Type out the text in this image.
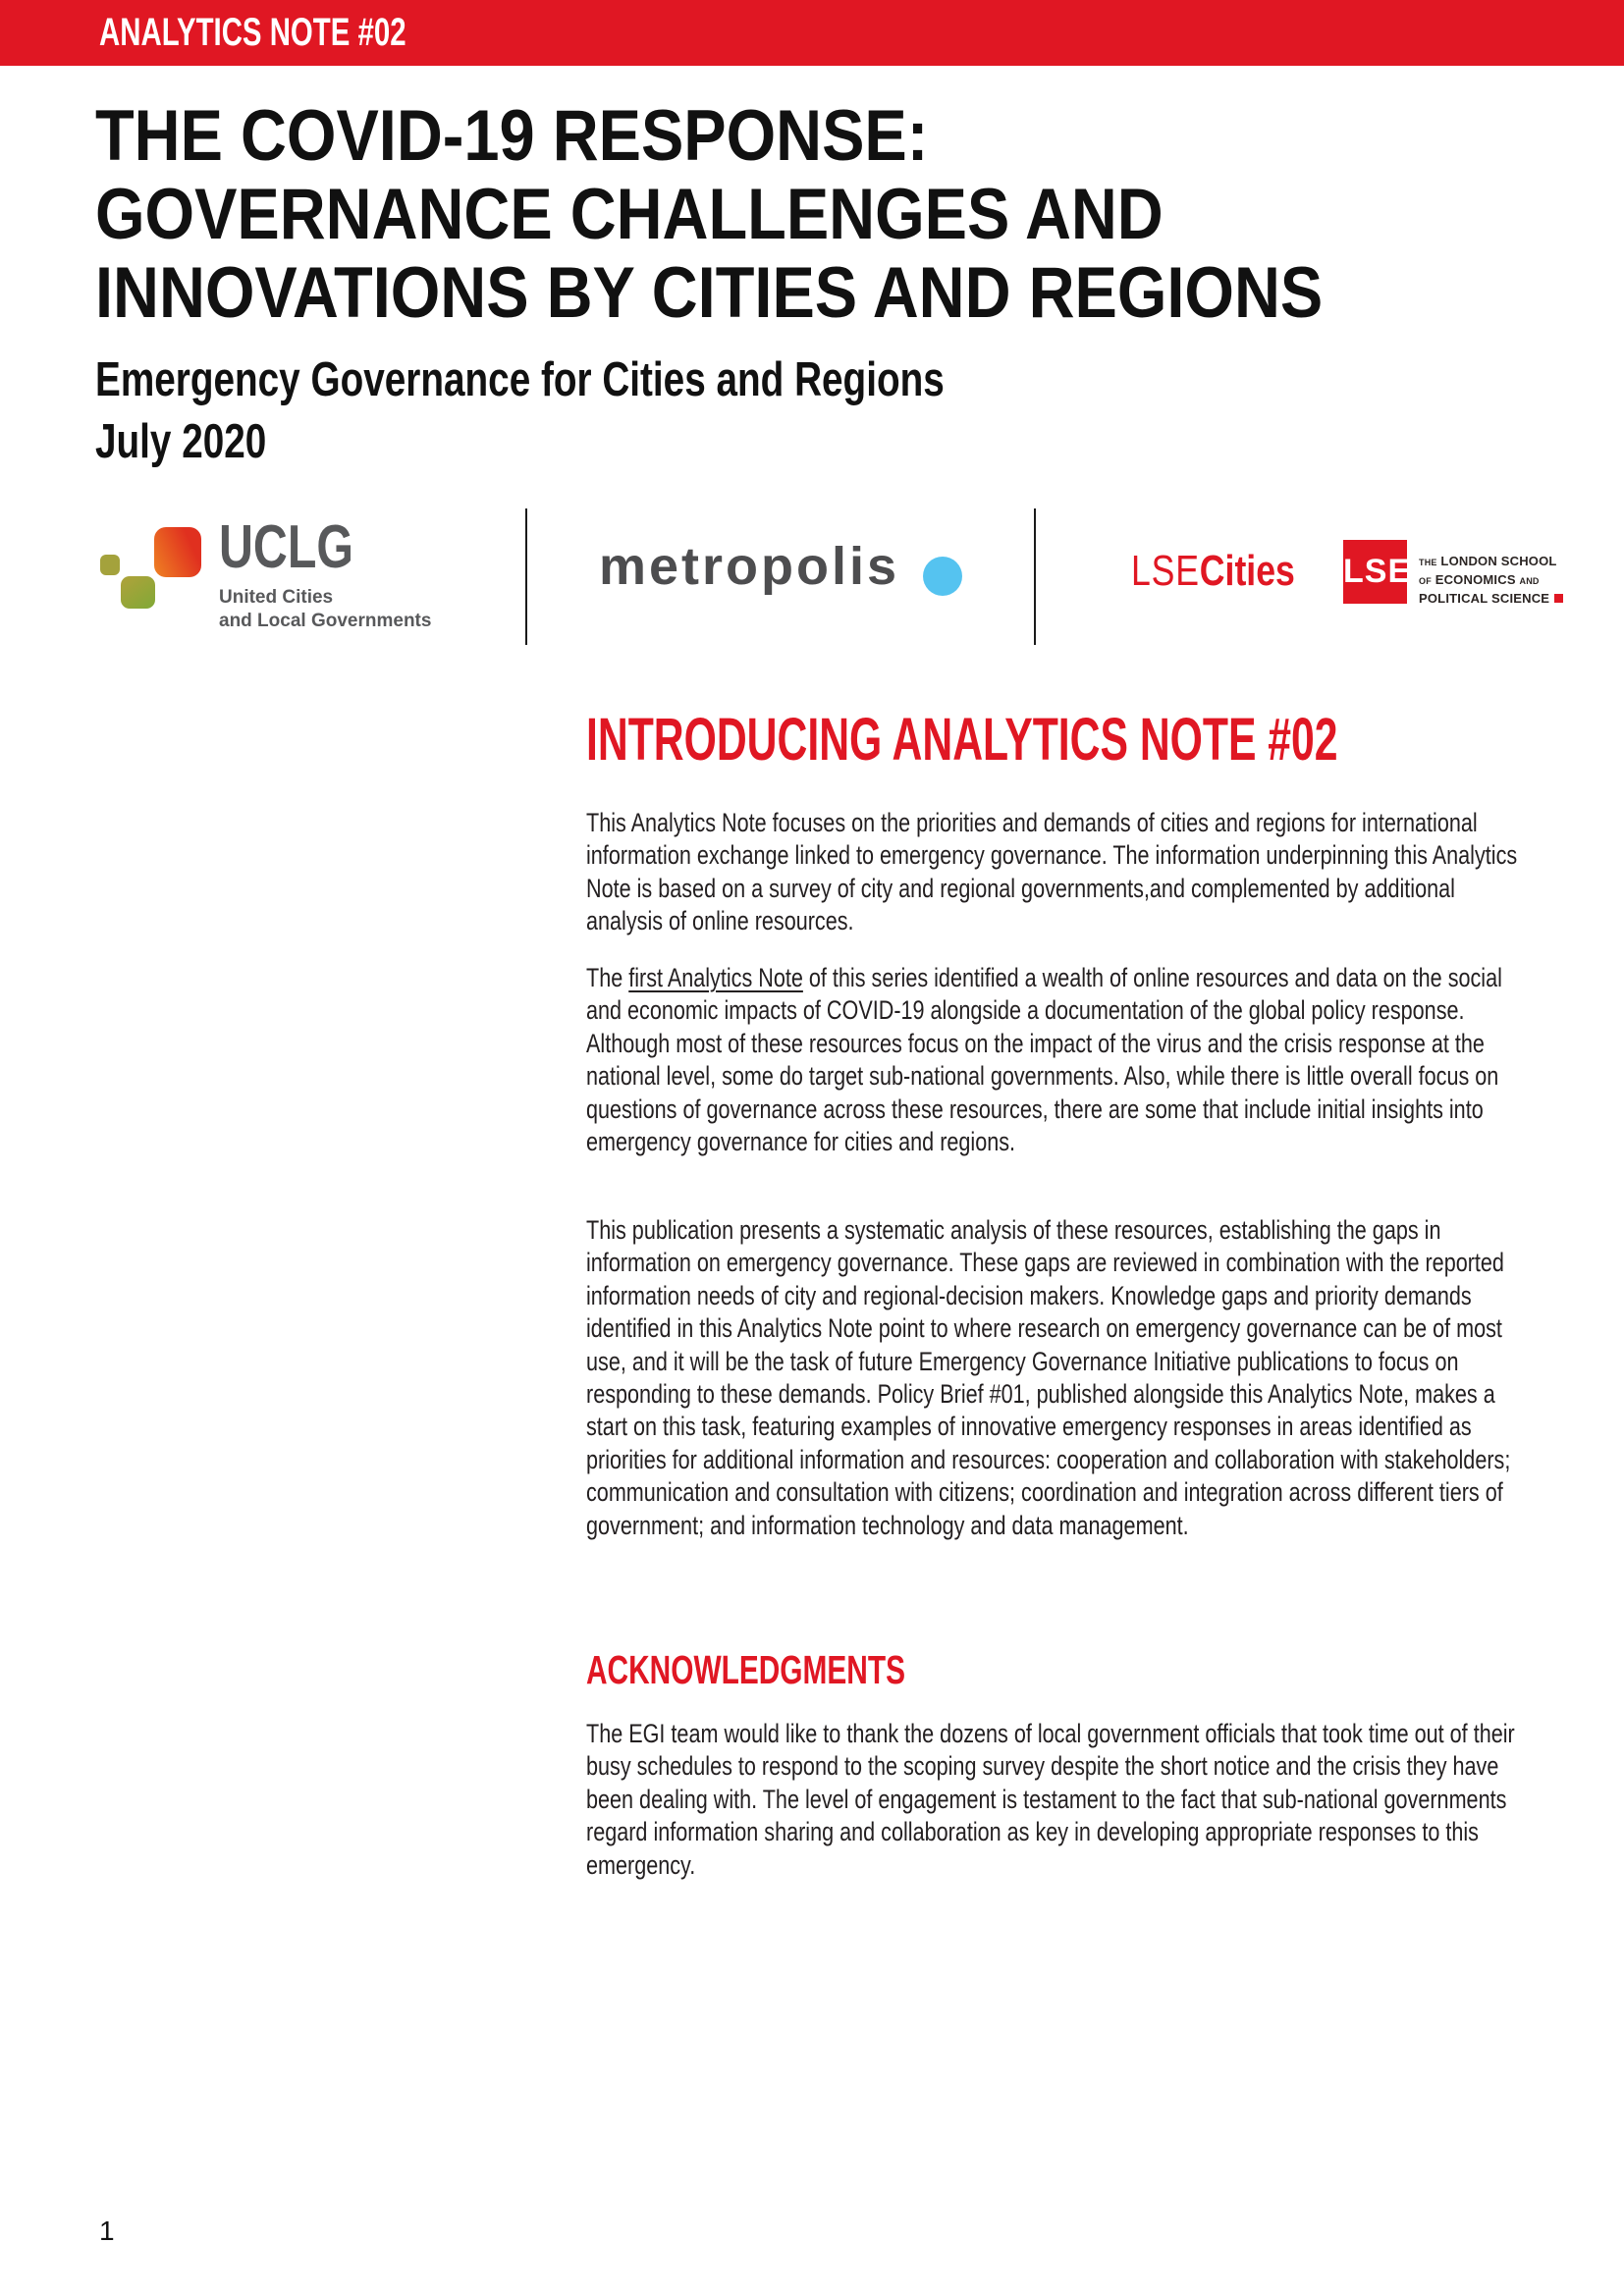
ANALYTICS NOTE #02
THE COVID-19 RESPONSE:
GOVERNANCE CHALLENGES AND
INNOVATIONS BY CITIES AND REGIONS
Emergency Governance for Cities and Regions
July 2020
UCLG
United Cities
and Local Governments
metropolis	LSECities	LSE THE LONDON SCHOOL
OF ECONOMICS AND
POLITICAL SCIENCE
INTRODUCING ANALYTICS NOTE #02

This Analytics Note focuses on the priorities and demands of cities and regions for international information exchange linked to emergency governance. The information underpinning this Analytics Note is based on a survey of city and regional governments,and complemented by additional analysis of online resources.

The first Analytics Note of this series identified a wealth of online resources and data on the social and economic impacts of COVID-19 alongside a documentation of the global policy response. Although most of these resources focus on the impact of the virus and the crisis response at the national level, some do target sub-national governments. Also, while there is little overall focus on questions of governance across these resources, there are some that include initial insights into emergency governance for cities and regions.

This publication presents a systematic analysis of these resources, establishing the gaps in information on emergency governance. These gaps are reviewed in combination with the reported information needs of city and regional-decision makers. Knowledge gaps and priority demands identified in this Analytics Note point to where research on emergency governance can be of most use, and it will be the task of future Emergency Governance Initiative publications to focus on responding to these demands. Policy Brief #01, published alongside this Analytics Note, makes a start on this task, featuring examples of innovative emergency responses in areas identified as priorities for additional information and resources: cooperation and collaboration with stakeholders; communication and consultation with citizens; coordination and integration across different tiers of government; and information technology and data management.

ACKNOWLEDGMENTS

The EGI team would like to thank the dozens of local government officials that took time out of their busy schedules to respond to the scoping survey despite the short notice and the crisis they have been dealing with. The level of engagement is testament to the fact that sub-national governments regard information sharing and collaboration as key in developing appropriate responses to this emergency.

1
